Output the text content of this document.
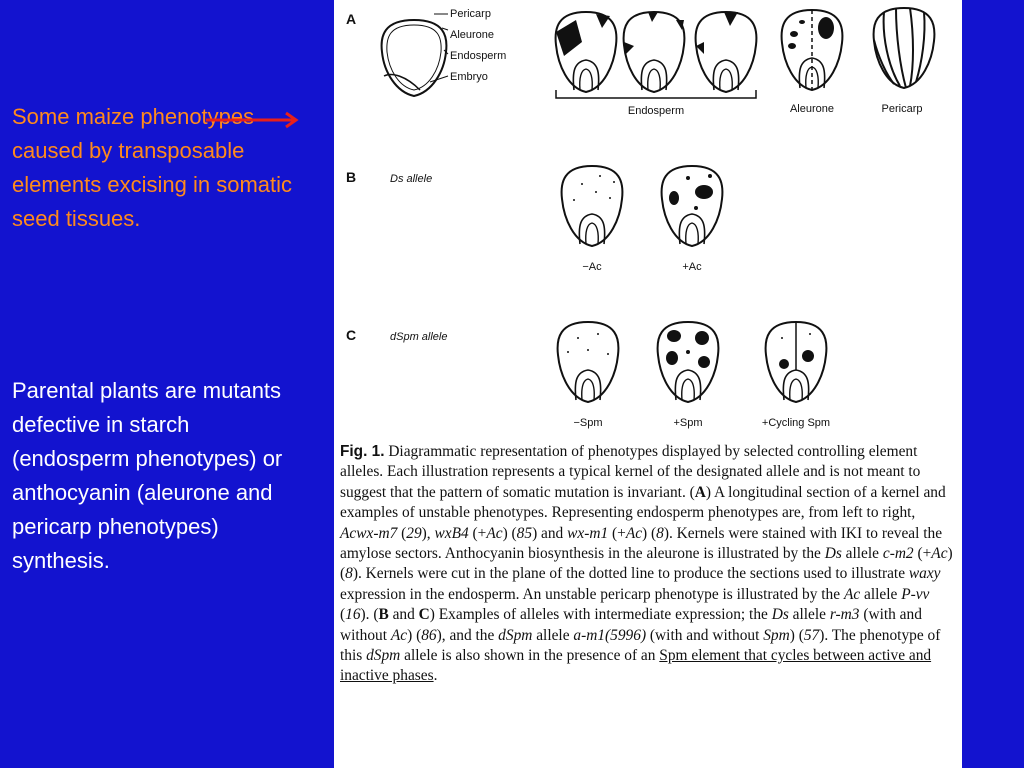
Some maize phenotypes caused by transposable elements excising in somatic seed tissues.
Parental plants are mutants defective in starch (endosperm phenotypes) or anthocyanin (aleurone and pericarp phenotypes) synthesis.
A	Pericarp
Aleurone
Endosperm
Embryo
Endosperm	Aleurone	Pericarp
B	Ds allele
−Ac	+Ac
C	dSpm allele
−Spm	+Spm	+Cycling Spm
Fig. 1. Diagrammatic representation of phenotypes displayed by selected controlling element alleles. Each illustration represents a typical kernel of the designated allele and is not meant to suggest that the pattern of somatic mutation is invariant. (A) A longitudinal section of a kernel and examples of unstable phenotypes. Representing endosperm phenotypes are, from left to right, Acwx-m7 (29), wxB4 (+Ac) (85) and wx-m1 (+Ac) (8). Kernels were stained with IKI to reveal the amylose sectors. Anthocyanin biosynthesis in the aleurone is illustrated by the Ds allele c-m2 (+Ac) (8). Kernels were cut in the plane of the dotted line to produce the sections used to illustrate waxy expression in the endosperm. An unstable pericarp phenotype is illustrated by the Ac allele P-vv (16). (B and C) Examples of alleles with intermediate expression; the Ds allele r-m3 (with and without Ac) (86), and the dSpm allele a-m1(5996) (with and without Spm) (57). The phenotype of this dSpm allele is also shown in the presence of an Spm element that cycles between active and inactive phases.
